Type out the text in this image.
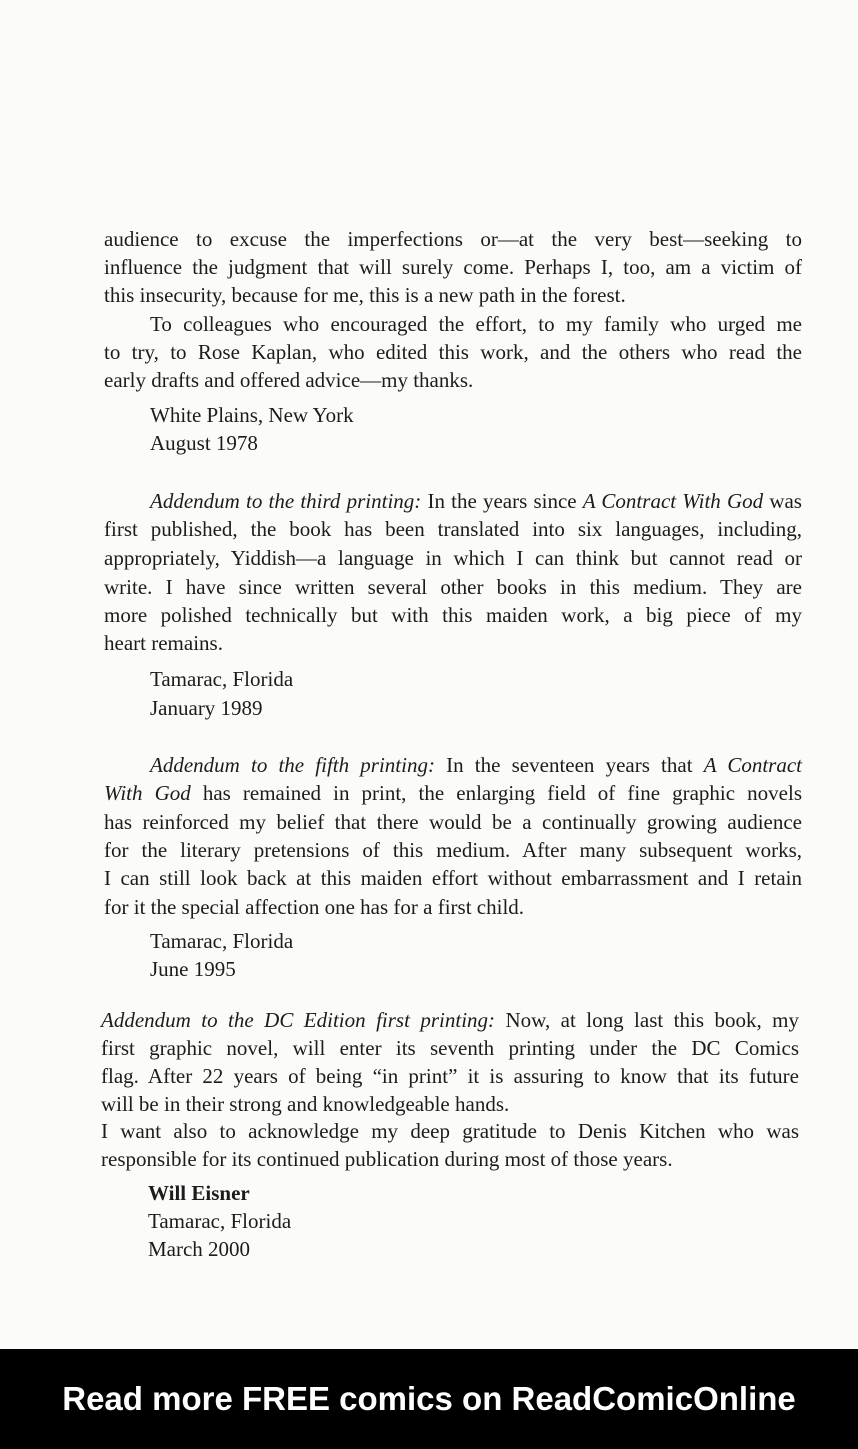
audience to excuse the imperfections or—at the very best—seeking to
influence the judgment that will surely come. Perhaps I, too, am a victim of
this insecurity, because for me, this is a new path in the forest.
To colleagues who encouraged the effort, to my family who urged me
to try, to Rose Kaplan, who edited this work, and the others who read the
early drafts and offered advice—my thanks.
White Plains, New York
August 1978
Addendum to the third printing: In the years since A Contract With God was
first published, the book has been translated into six languages, including,
appropriately, Yiddish—a language in which I can think but cannot read or
write. I have since written several other books in this medium. They are
more polished technically but with this maiden work, a big piece of my
heart remains.
Tamarac, Florida
January 1989
Addendum to the fifth printing: In the seventeen years that A Contract
With God has remained in print, the enlarging field of fine graphic novels
has reinforced my belief that there would be a continually growing audience
for the literary pretensions of this medium. After many subsequent works,
I can still look back at this maiden effort without embarrassment and I retain
for it the special affection one has for a first child.
Tamarac, Florida
June 1995
Addendum to the DC Edition first printing: Now, at long last this book, my
first graphic novel, will enter its seventh printing under the DC Comics
flag. After 22 years of being “in print” it is assuring to know that its future
will be in their strong and knowledgeable hands.
I want also to acknowledge my deep gratitude to Denis Kitchen who was
responsible for its continued publication during most of those years.
Will Eisner
Tamarac, Florida
March 2000
Read more FREE comics on ReadComicOnline
